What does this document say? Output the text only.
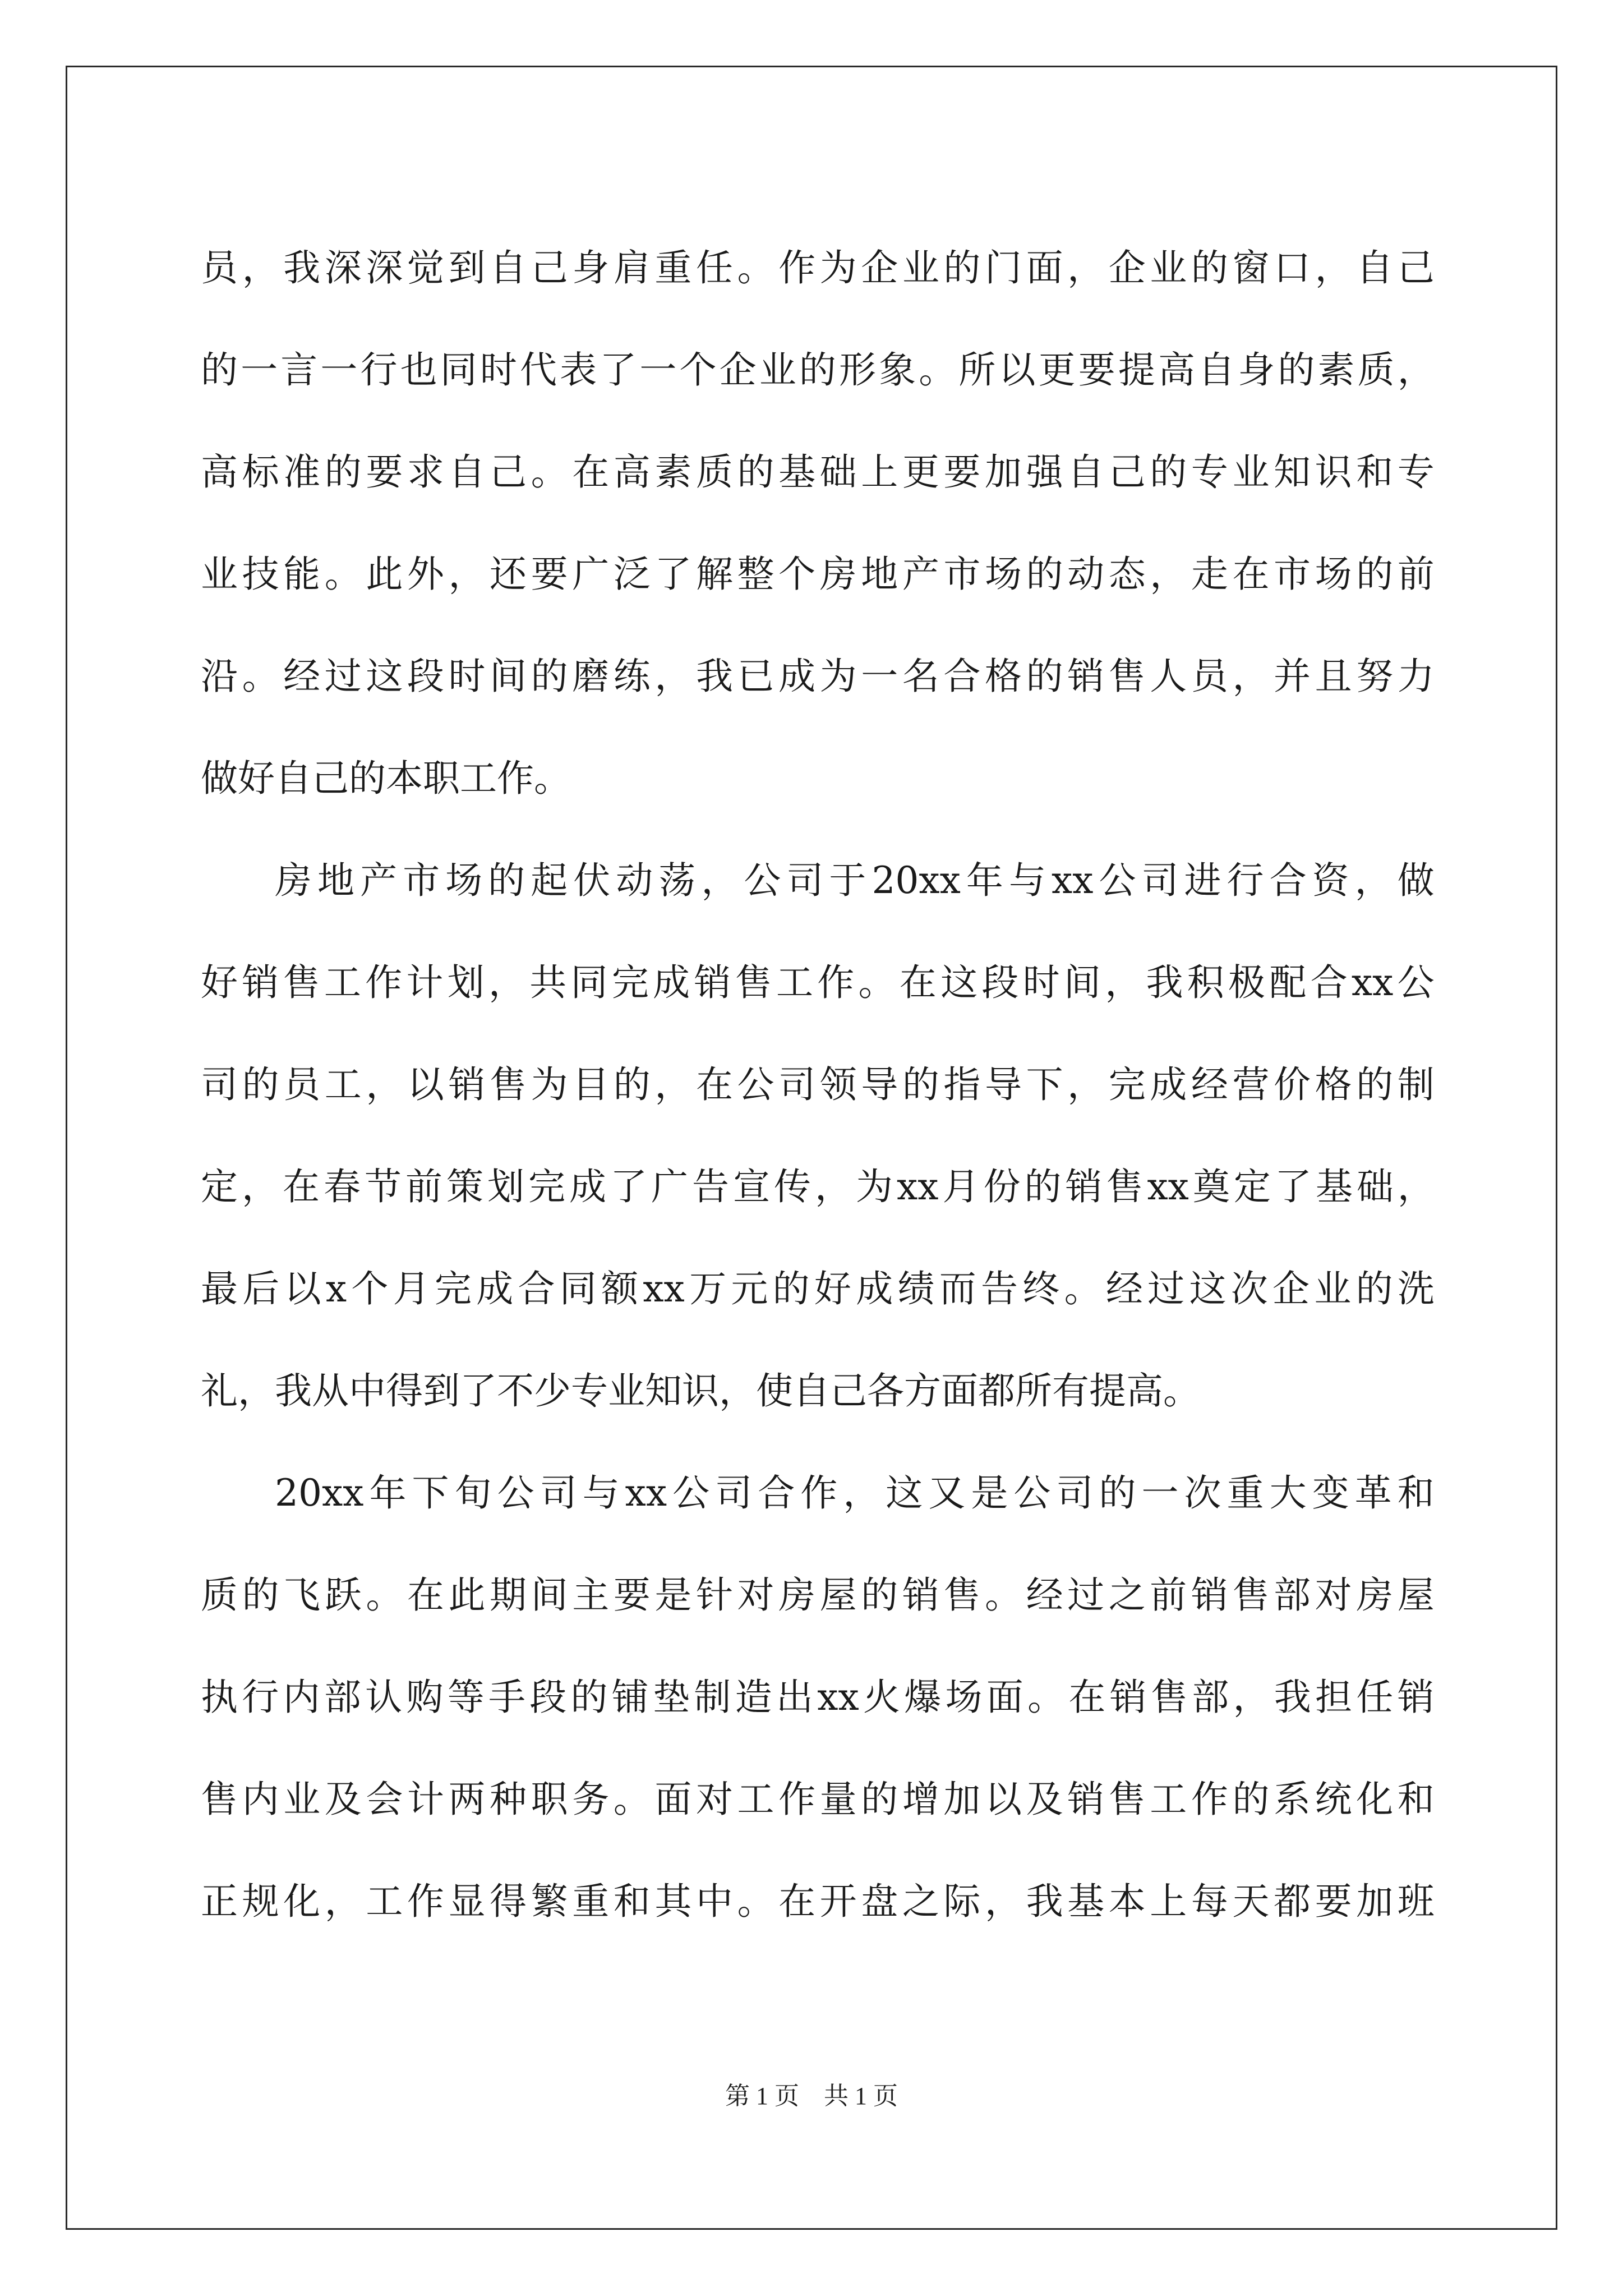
员 ， 我 深 深 觉 到 自 己 身 肩 重 任 。 作 为 企 业 的 门 面 ， 企 业 的 窗 口 ， 自 己
的 一 言 一 行 也 同 时 代 表 了 一 个 企 业 的 形 象 。 所 以 更 要 提 高 自 身 的 素 质 ，
高 标 准 的 要 求 自 己 。 在 高 素 质 的 基 础 上 更 要 加 强 自 己 的 专 业 知 识 和 专
业 技 能 。 此 外 ， 还 要 广 泛 了 解 整 个 房 地 产 市 场 的 动 态 ， 走 在 市 场 的 前
沿 。 经 过 这 段 时 间 的 磨 练 ， 我 已 成 为 一 名 合 格 的 销 售 人 员 ， 并 且 努 力
做好自己的本职工作。
房 地 产 市 场 的 起 伏 动 荡 ， 公 司 于 20xx 年 与 xx 公 司 进 行 合 资 ， 做
好 销 售 工 作 计 划 ， 共 同 完 成 销 售 工 作 。 在 这 段 时 间 ， 我 积 极 配 合 xx 公
司 的 员 工 ， 以 销 售 为 目 的 ， 在 公 司 领 导 的 指 导 下 ， 完 成 经 营 价 格 的 制
定 ， 在 春 节 前 策 划 完 成 了 广 告 宣 传 ， 为 xx 月 份 的 销 售 xx 奠 定 了 基 础 ，
最 后 以 x 个 月 完 成 合 同 额 xx 万 元 的 好 成 绩 而 告 终 。 经 过 这 次 企 业 的 洗
礼，我从中得到了不少专业知识，使自己各方面都所有提高。
20xx 年 下 旬 公 司 与 xx 公 司 合 作 ， 这 又 是 公 司 的 一 次 重 大 变 革 和
质 的 飞 跃 。 在 此 期 间 主 要 是 针 对 房 屋 的 销 售 。 经 过 之 前 销 售 部 对 房 屋
执 行 内 部 认 购 等 手 段 的 铺 垫 制 造 出 xx 火 爆 场 面 。 在 销 售 部 ， 我 担 任 销
售 内 业 及 会 计 两 种 职 务 。 面 对 工 作 量 的 增 加 以 及 销 售 工 作 的 系 统 化 和
正 规 化 ， 工 作 显 得 繁 重 和 其 中 。 在 开 盘 之 际 ， 我 基 本 上 每 天 都 要 加 班
第 1 页    共 1 页
